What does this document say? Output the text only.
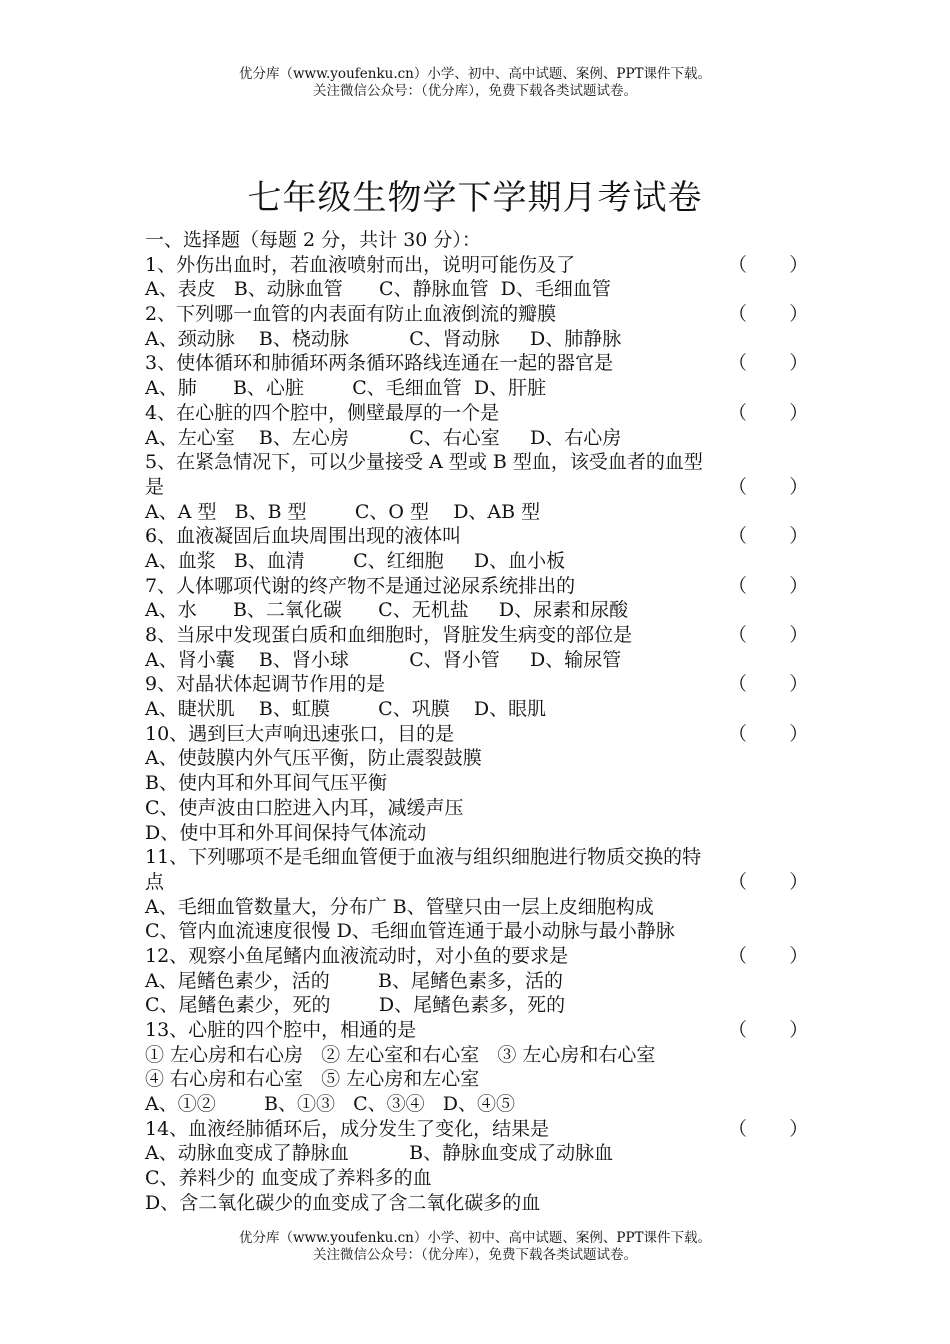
优分库（www.youfenku.cn）小学、初中、高中试题、案例、PPT课件下载。
关注微信公众号：（优分库），免费下载各类试题试卷。
七年级生物学下学期月考试卷
一、选择题（每题 2 分，共计 30 分）：
1、外伤出血时，若血液喷射而出，说明可能伤及了	（       ）
A、表皮   B、动脉血管      C、静脉血管  D、毛细血管
2、下列哪一血管的内表面有防止血液倒流的瓣膜	（       ）
A、颈动脉    B、桡动脉          C、肾动脉     D、肺静脉
3、使体循环和肺循环两条循环路线连通在一起的器官是	（       ）
A、肺      B、心脏        C、毛细血管  D、肝脏
4、在心脏的四个腔中，侧壁最厚的一个是	（       ）
A、左心室    B、左心房          C、右心室     D、右心房
5、在紧急情况下，可以少量接受 A 型或 B 型血，该受血者的血型
是	（       ）
A、A 型   B、B 型        C、O 型    D、AB 型
6、血液凝固后血块周围出现的液体叫	（       ）
A、血浆   B、血清        C、红细胞     D、血小板
7、人体哪项代谢的终产物不是通过泌尿系统排出的	（       ）
A、水      B、二氧化碳      C、无机盐     D、尿素和尿酸
8、当尿中发现蛋白质和血细胞时，肾脏发生病变的部位是	（       ）
A、肾小囊    B、肾小球          C、肾小管     D、输尿管
9、对晶状体起调节作用的是	（       ）
A、睫状肌    B、虹膜        C、巩膜    D、眼肌
10、遇到巨大声响迅速张口，目的是	（       ）
A、使鼓膜内外气压平衡，防止震裂鼓膜
B、使内耳和外耳间气压平衡
C、使声波由口腔进入内耳，减缓声压
D、使中耳和外耳间保持气体流动
11、下列哪项不是毛细血管便于血液与组织细胞进行物质交换的特
点	（       ）
A、毛细血管数量大，分布广 B、管壁只由一层上皮细胞构成
C、管内血流速度很慢 D、毛细血管连通于最小动脉与最小静脉
12、观察小鱼尾鳍内血液流动时，对小鱼的要求是	（       ）
A、尾鳍色素少，活的        B、尾鳍色素多，活的
C、尾鳍色素少，死的        D、尾鳍色素多，死的
13、心脏的四个腔中，相通的是	（       ）
① 左心房和右心房   ② 左心室和右心室   ③ 左心房和右心室
④ 右心房和右心室   ⑤ 左心房和左心室
A、①②        B、①③   C、③④   D、④⑤
14、血液经肺循环后，成分发生了变化，结果是	（       ）
A、动脉血变成了静脉血          B、静脉血变成了动脉血
C、养料少的 血变成了养料多的血
D、含二氧化碳少的血变成了含二氧化碳多的血
优分库（www.youfenku.cn）小学、初中、高中试题、案例、PPT课件下载。
关注微信公众号：（优分库），免费下载各类试题试卷。
